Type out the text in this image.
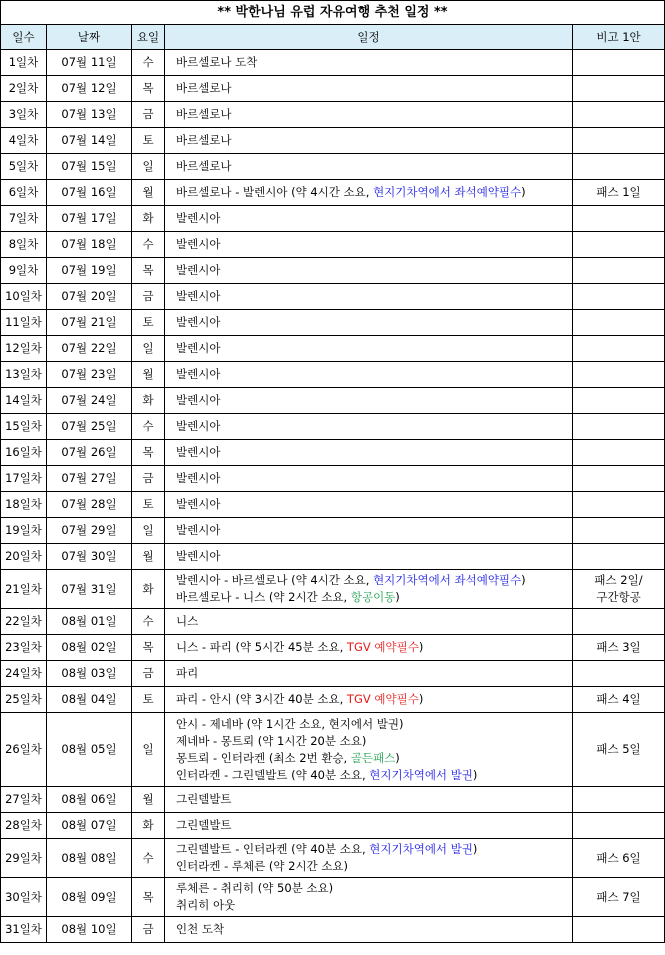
** 박한나님 유럽 자유여행 추천 일정 **				
일수	날짜	요일	일정	비고 1안
1일차	07월 11일	수	바르셀로나 도착	

2일차	07월 12일	목	바르셀로나	

3일차	07월 13일	금	바르셀로나	

4일차	07월 14일	토	바르셀로나	

5일차	07월 15일	일	바르셀로나	

6일차	07월 16일	월	바르셀로나 - 발렌시아 (약 4시간 소요, 현지기차역에서 좌석예약필수)	패스 1일

7일차	07월 17일	화	발렌시아	

8일차	07월 18일	수	발렌시아	

9일차	07월 19일	목	발렌시아	

10일차	07월 20일	금	발렌시아	

11일차	07월 21일	토	발렌시아	

12일차	07월 22일	일	발렌시아	

13일차	07월 23일	월	발렌시아	

14일차	07월 24일	화	발렌시아	

15일차	07월 25일	수	발렌시아	

16일차	07월 26일	목	발렌시아	

17일차	07월 27일	금	발렌시아	

18일차	07월 28일	토	발렌시아	

19일차	07월 29일	일	발렌시아	

20일차	07월 30일	월	발렌시아	

21일차	07월 31일	화	발렌시아 - 바르셀로나 (약 4시간 소요, 현지기차역에서 좌석예약필수)
바르셀로나 - 니스 (약 2시간 소요, 항공이동)	패스 2일/
구간항공

22일차	08월 01일	수	니스	

23일차	08월 02일	목	니스 - 파리 (약 5시간 45분 소요, TGV 예약필수)	패스 3일

24일차	08월 03일	금	파리	

25일차	08월 04일	토	파리 - 안시 (약 3시간 40분 소요, TGV 예약필수)	패스 4일

26일차	08월 05일	일	안시 - 제네바 (약 1시간 소요, 현지에서 발권)
제네바 - 몽트뢰 (약 1시간 20분 소요)
몽트뢰 - 인터라켄 (최소 2번 환승, 골든패스)
인터라켄 - 그린델발트 (약 40분 소요, 현지기차역에서 발권)	패스 5일

27일차	08월 06일	월	그린델발트	

28일차	08월 07일	화	그린델발트	

29일차	08월 08일	수	그린델발트 - 인터라켄 (약 40분 소요, 현지기차역에서 발권)
인터라켄 - 루체른 (약 2시간 소요)	패스 6일

30일차	08월 09일	목	루체른 - 취리히 (약 50분 소요)
취리히 아웃	패스 7일

31일차	08월 10일	금	인천 도착	
